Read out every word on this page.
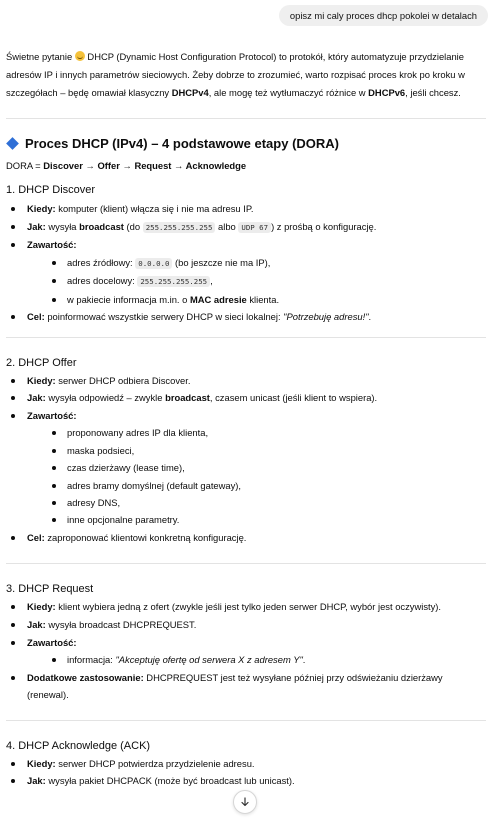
opisz mi caly proces dhcp pokolei w detalach

Świetne pytanie  DHCP (Dynamic Host Configuration Protocol) to protokół, który automatyzuje przydzielanie adresów IP i innych parametrów sieciowych. Żeby dobrze to zrozumieć, warto rozpisać proces krok po kroku w szczegółach – będę omawiał klasyczny DHCPv4, ale mogę też wytłumaczyć różnice w DHCPv6, jeśli chcesz.

Proces DHCP (IPv4) – 4 podstawowe etapy (DORA)
DORA = Discover → Offer → Request → Acknowledge
1. DHCP Discover
Kiedy: komputer (klient) włącza się i nie ma adresu IP.
Jak: wysyła broadcast (do 255.255.255.255 albo UDP 67 ) z prośbą o konfigurację.
Zawartość:
adres źródłowy: 0.0.0.0 (bo jeszcze nie ma IP),
adres docelowy: 255.255.255.255 ,
w pakiecie informacja m.in. o MAC adresie klienta.
Cel: poinformować wszystkie serwery DHCP w sieci lokalnej: "Potrzebuję adresu!".
2. DHCP Offer
Kiedy: serwer DHCP odbiera Discover.
Jak: wysyła odpowiedź – zwykle broadcast, czasem unicast (jeśli klient to wspiera).
Zawartość:
proponowany adres IP dla klienta,
maska podsieci,
czas dzierżawy (lease time),
adres bramy domyślnej (default gateway),
adresy DNS,
inne opcjonalne parametry.
Cel: zaproponować klientowi konkretną konfigurację.
3. DHCP Request
Kiedy: klient wybiera jedną z ofert (zwykle jeśli jest tylko jeden serwer DHCP, wybór jest oczywisty).
Jak: wysyła broadcast DHCPREQUEST.
Zawartość:
informacja: "Akceptuję ofertę od serwera X z adresem Y".
Dodatkowe zastosowanie: DHCPREQUEST jest też wysyłane później przy odświeżaniu dzierżawy (renewal).
4. DHCP Acknowledge (ACK)
Kiedy: serwer DHCP potwierdza przydzielenie adresu.
Jak: wysyła pakiet DHCPACK (może być broadcast lub unicast).
